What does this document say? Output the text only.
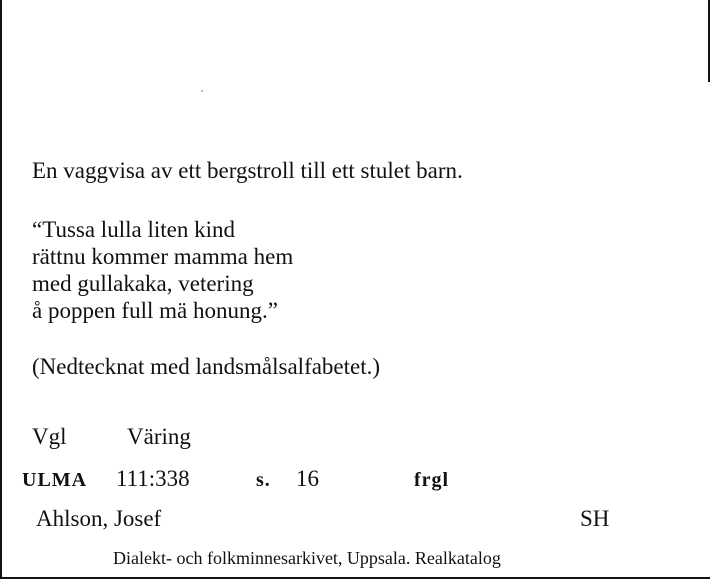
En vaggvisa av ett bergstroll till ett stulet barn.
“Tussa lulla liten kind
rättnu kommer mamma hem
med gullakaka, vetering
å poppen full mä honung.”
(Nedtecknat med landsmålsalfabetet.)
Vgl	Väring
ULMA 111:338	s. 16	frgl
Ahlson, Josef	SH
Dialekt- och folkminnesarkivet, Uppsala. Realkatalog
